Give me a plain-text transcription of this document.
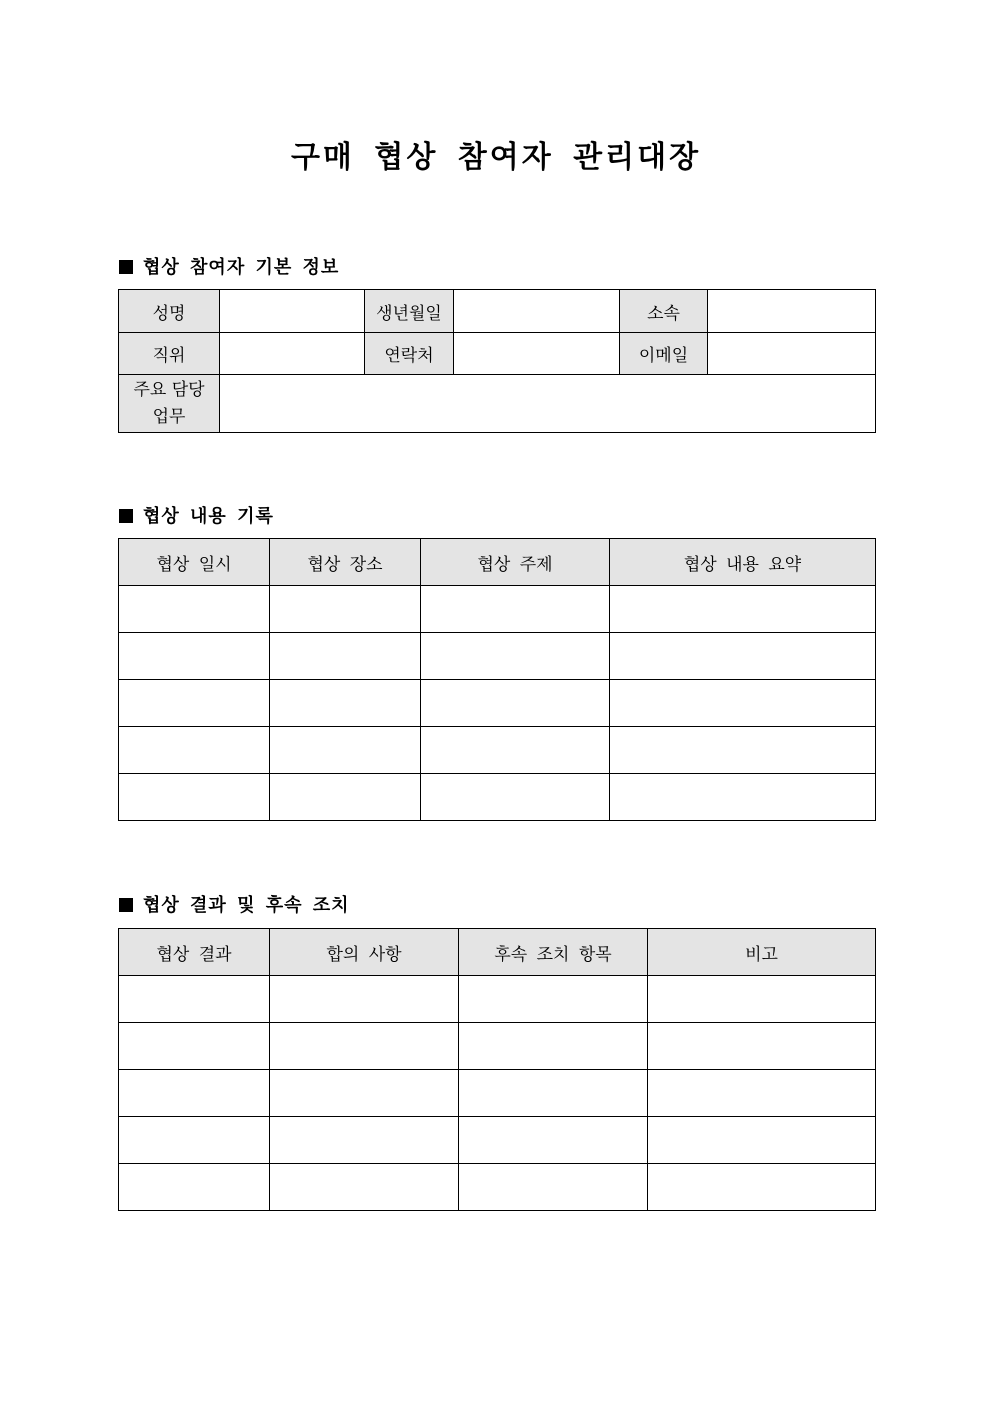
구매 협상 참여자 관리대장
협상 참여자 기본 정보
성명		생년월일		소속	
직위		연락처		이메일	

주요 담당
업무					

협상 내용 기록
협상 일시	협상 장소	협상 주제	협상 내용 요약

협상 결과 및 후속 조치
협상 결과	합의 사항	후속 조치 항목	비고
